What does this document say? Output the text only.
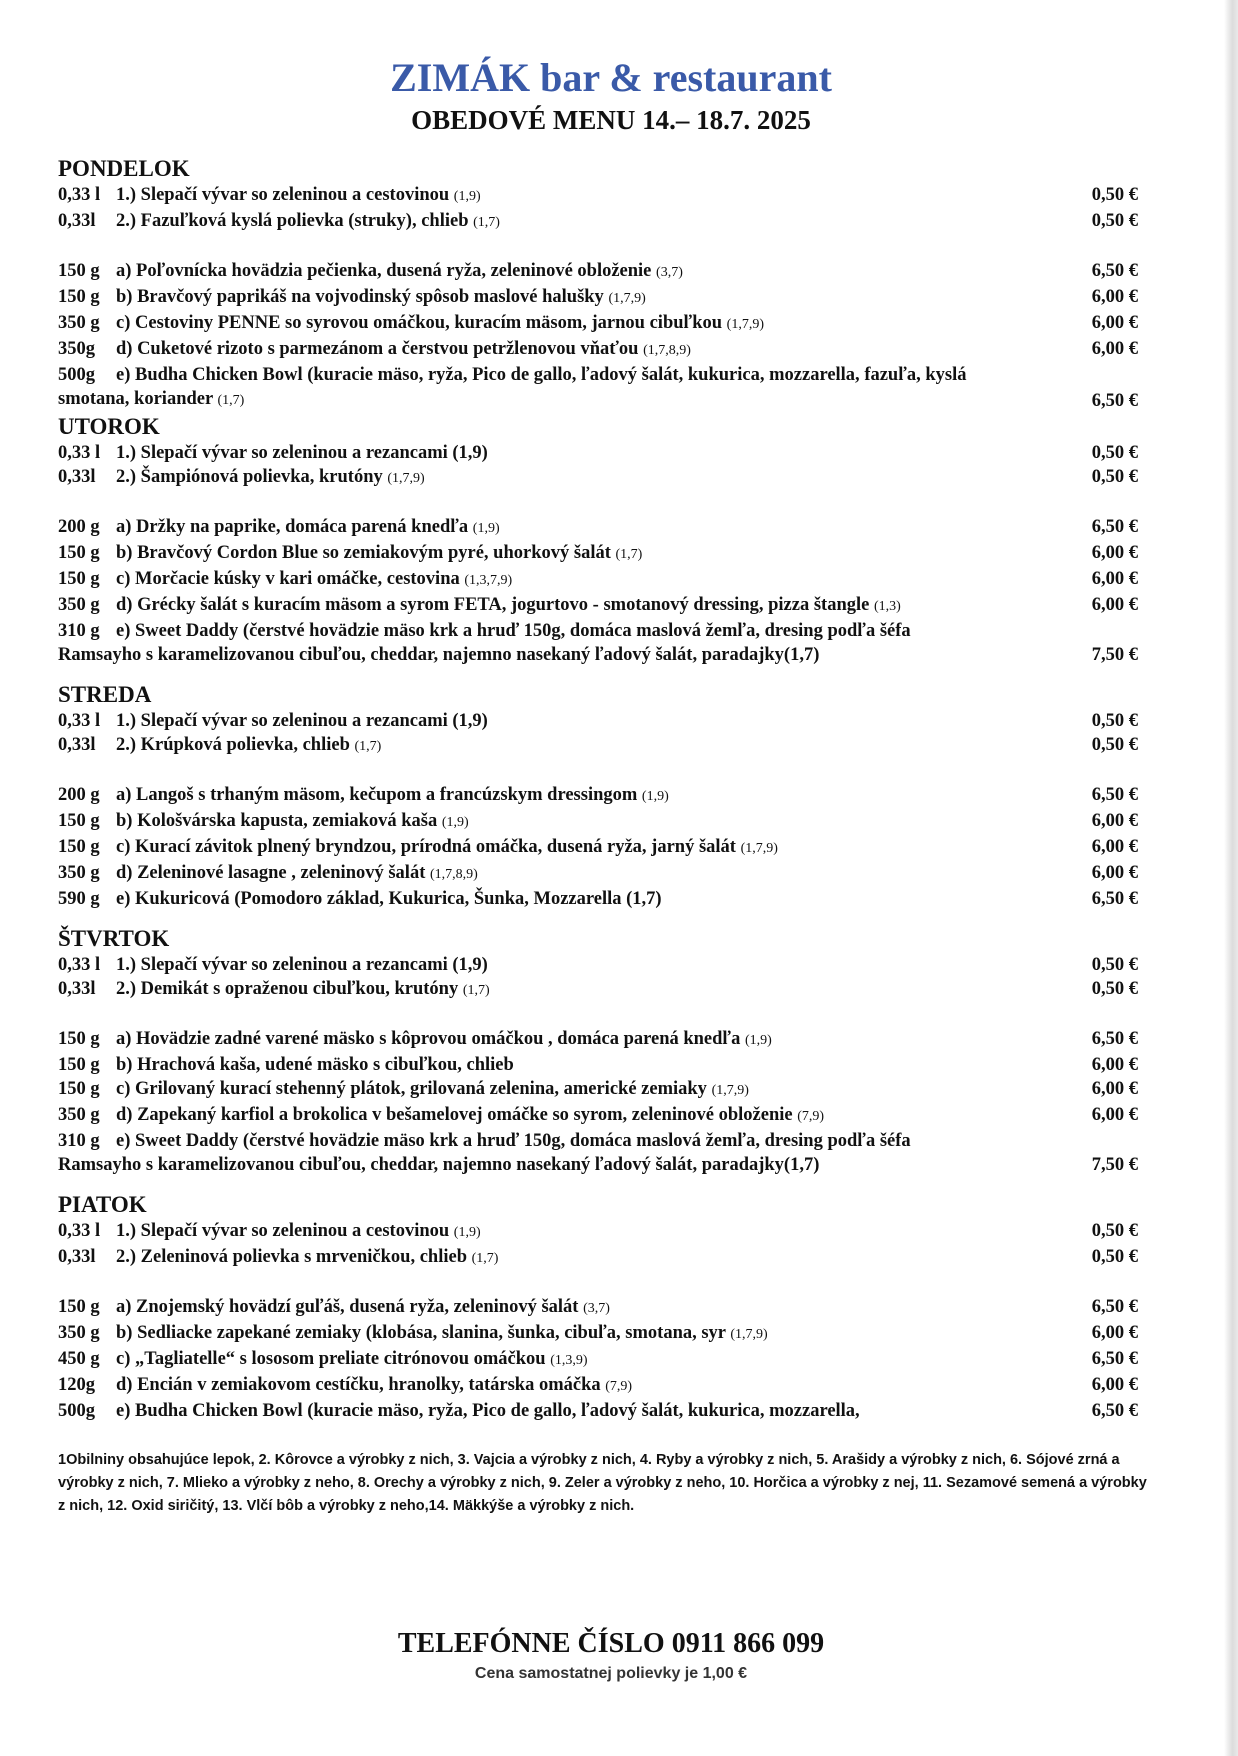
ZIMÁK bar & restaurant
OBEDOVÉ MENU 14.– 18.7. 2025
PONDELOK
0,33 l 1.) Slepačí vývar so zeleninou a cestovinou (1,9)	0,50 €
0,33l 2.) Fazuľková kyslá polievka (struky), chlieb (1,7)	0,50 €
150 g a) Poľovnícka hovädzia pečienka, dusená ryža, zeleninové obloženie (3,7)	6,50 €
150 g b) Bravčový paprikáš na vojvodinský spôsob maslové halušky (1,7,9)	6,00 €
350 g c) Cestoviny PENNE so syrovou omáčkou, kuracím mäsom, jarnou cibuľkou (1,7,9)	6,00 €
350g d) Cuketové rizoto s parmezánom a čerstvou petržlenovou vňaťou (1,7,8,9)	6,00 €
500g e) Budha Chicken Bowl (kuracie mäso, ryža, Pico de gallo, ľadový šalát, kukurica, mozzarella, fazuľa, kyslá smotana, koriander (1,7)	6,50 €
UTOROK
0,33 l 1.) Slepačí vývar so zeleninou a rezancami (1,9)	0,50 €
0,33l 2.) Šampiónová polievka, krutóny (1,7,9)	0,50 €
200 g a) Držky na paprike, domáca parená knedľa (1,9)	6,50 €
150 g b) Bravčový Cordon Blue so zemiakovým pyré, uhorkový šalát (1,7)	6,00 €
150 g c) Morčacie kúsky v kari omáčke, cestovina (1,3,7,9)	6,00 €
350 g d) Grécky šalát s kuracím mäsom a syrom FETA, jogurtovo - smotanový dressing, pizza štangle (1,3)	6,00 €
310 g e) Sweet Daddy (čerstvé hovädzie mäso krk a hruď 150g, domáca maslová žemľa, dresing podľa šéfa Ramsayho s karamelizovanou cibuľou, cheddar, najemno nasekaný ľadový šalát, paradajky(1,7)	7,50 €
STREDA
0,33 l 1.) Slepačí vývar so zeleninou a rezancami (1,9)	0,50 €
0,33l 2.) Krúpková polievka, chlieb (1,7)	0,50 €
200 g a) Langoš s trhaným mäsom, kečupom a francúzskym dressingom (1,9)	6,50 €
150 g b) Kološvárska kapusta, zemiaková kaša (1,9)	6,00 €
150 g c) Kurací závitok plnený bryndzou, prírodná omáčka, dusená ryža, jarný šalát (1,7,9)	6,00 €
350 g d) Zeleninové lasagne , zeleninový šalát (1,7,8,9)	6,00 €
590 g e) Kukuricová (Pomodoro základ, Kukurica, Šunka, Mozzarella (1,7)	6,50 €
ŠTVRTOK
0,33 l 1.) Slepačí vývar so zeleninou a rezancami (1,9)	0,50 €
0,33l 2.) Demikát s opraženou cibuľkou, krutóny (1,7)	0,50 €
150 g a) Hovädzie zadné varené mäsko s kôprovou omáčkou , domáca parená knedľa (1,9)	6,50 €
150 g b) Hrachová kaša, udené mäsko s cibuľkou, chlieb	6,00 €
150 g c) Grilovaný kurací stehenný plátok, grilovaná zelenina, americké zemiaky (1,7,9)	6,00 €
350 g d) Zapekaný karfiol a brokolica v bešamelovej omáčke so syrom, zeleninové obloženie (7,9)	6,00 €
310 g e) Sweet Daddy (čerstvé hovädzie mäso krk a hruď 150g, domáca maslová žemľa, dresing podľa šéfa Ramsayho s karamelizovanou cibuľou, cheddar, najemno nasekaný ľadový šalát, paradajky(1,7)	7,50 €
PIATOK
0,33 l 1.) Slepačí vývar so zeleninou a cestovinou (1,9)	0,50 €
0,33l 2.) Zeleninová polievka s mrveničkou, chlieb (1,7)	0,50 €
150 g a) Znojemský hovädzí guľáš, dusená ryža, zeleninový šalát (3,7)	6,50 €
350 g b) Sedliacke zapekané zemiaky (klobása, slanina, šunka, cibuľa, smotana, syr (1,7,9)	6,00 €
450 g c) „Tagliatelle“ s lososom preliate citrónovou omáčkou (1,3,9)	6,50 €
120g d) Encián v zemiakovom cestíčku, hranolky, tatárska omáčka (7,9)	6,00 €
500g e) Budha Chicken Bowl (kuracie mäso, ryža, Pico de gallo, ľadový šalát, kukurica, mozzarella,	6,50 €
1Obilniny obsahujúce lepok, 2. Kôrovce a výrobky z nich, 3. Vajcia a výrobky z nich, 4. Ryby a výrobky z nich, 5. Arašidy a výrobky z nich, 6. Sójové zrná a výrobky z nich, 7. Mlieko a výrobky z neho, 8. Orechy a výrobky z nich, 9. Zeler a výrobky z neho, 10. Horčica a výrobky z nej, 11. Sezamové semená a výrobky z nich, 12. Oxid siričitý, 13. Vlčí bôb a výrobky z neho,14. Mäkkýše a výrobky z nich.
TELEFÓNNE ČÍSLO 0911 866 099
Cena samostatnej polievky je 1,00 €
